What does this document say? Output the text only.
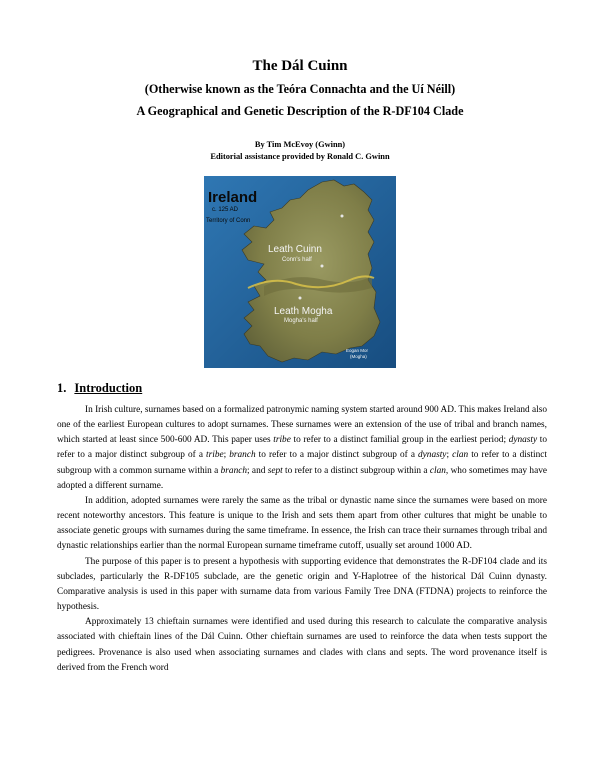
The Dál Cuinn
(Otherwise known as the Teóra Connachta and the Uí Néill)
A Geographical and Genetic Description of the R-DF104 Clade
By Tim McEvoy (Gwinn)
Editorial assistance provided by Ronald C. Gwinn
Ireland
c. 125 AD
Territory of Conn
Leath Cuinn
Conn's half
Leath Mogha
Mogha's half
Eogan Mor
(Mogha)
1. Introduction

In Irish culture, surnames based on a formalized patronymic naming system started around 900 AD. This makes Ireland also one of the earliest European cultures to adopt surnames. These surnames were an extension of the use of tribal and branch names, which started at least since 500-600 AD. This paper uses tribe to refer to a distinct familial group in the earliest period; dynasty to refer to a major distinct subgroup of a tribe; branch to refer to a major distinct subgroup of a dynasty; clan to refer to a distinct subgroup with a common surname within a branch; and sept to refer to a distinct subgroup within a clan, who sometimes may have adopted a different surname.

In addition, adopted surnames were rarely the same as the tribal or dynastic name since the surnames were based on more recent noteworthy ancestors. This feature is unique to the Irish and sets them apart from other cultures that might be unable to associate genetic groups with surnames during the same timeframe. In essence, the Irish can trace their surnames through tribal and dynastic relationships earlier than the normal European surname timeframe cutoff, usually set around 1000 AD.

The purpose of this paper is to present a hypothesis with supporting evidence that demonstrates the R-DF104 clade and its subclades, particularly the R-DF105 subclade, are the genetic origin and Y-Haplotree of the historical Dál Cuinn dynasty. Comparative analysis is used in this paper with surname data from various Family Tree DNA (FTDNA) projects to reinforce the hypothesis.

Approximately 13 chieftain surnames were identified and used during this research to calculate the comparative analysis associated with chieftain lines of the Dál Cuinn. Other chieftain surnames are used to reinforce the data when tests support the pedigrees. Provenance is also used when associating surnames and clades with clans and septs. The word provenance itself is derived from the French word
